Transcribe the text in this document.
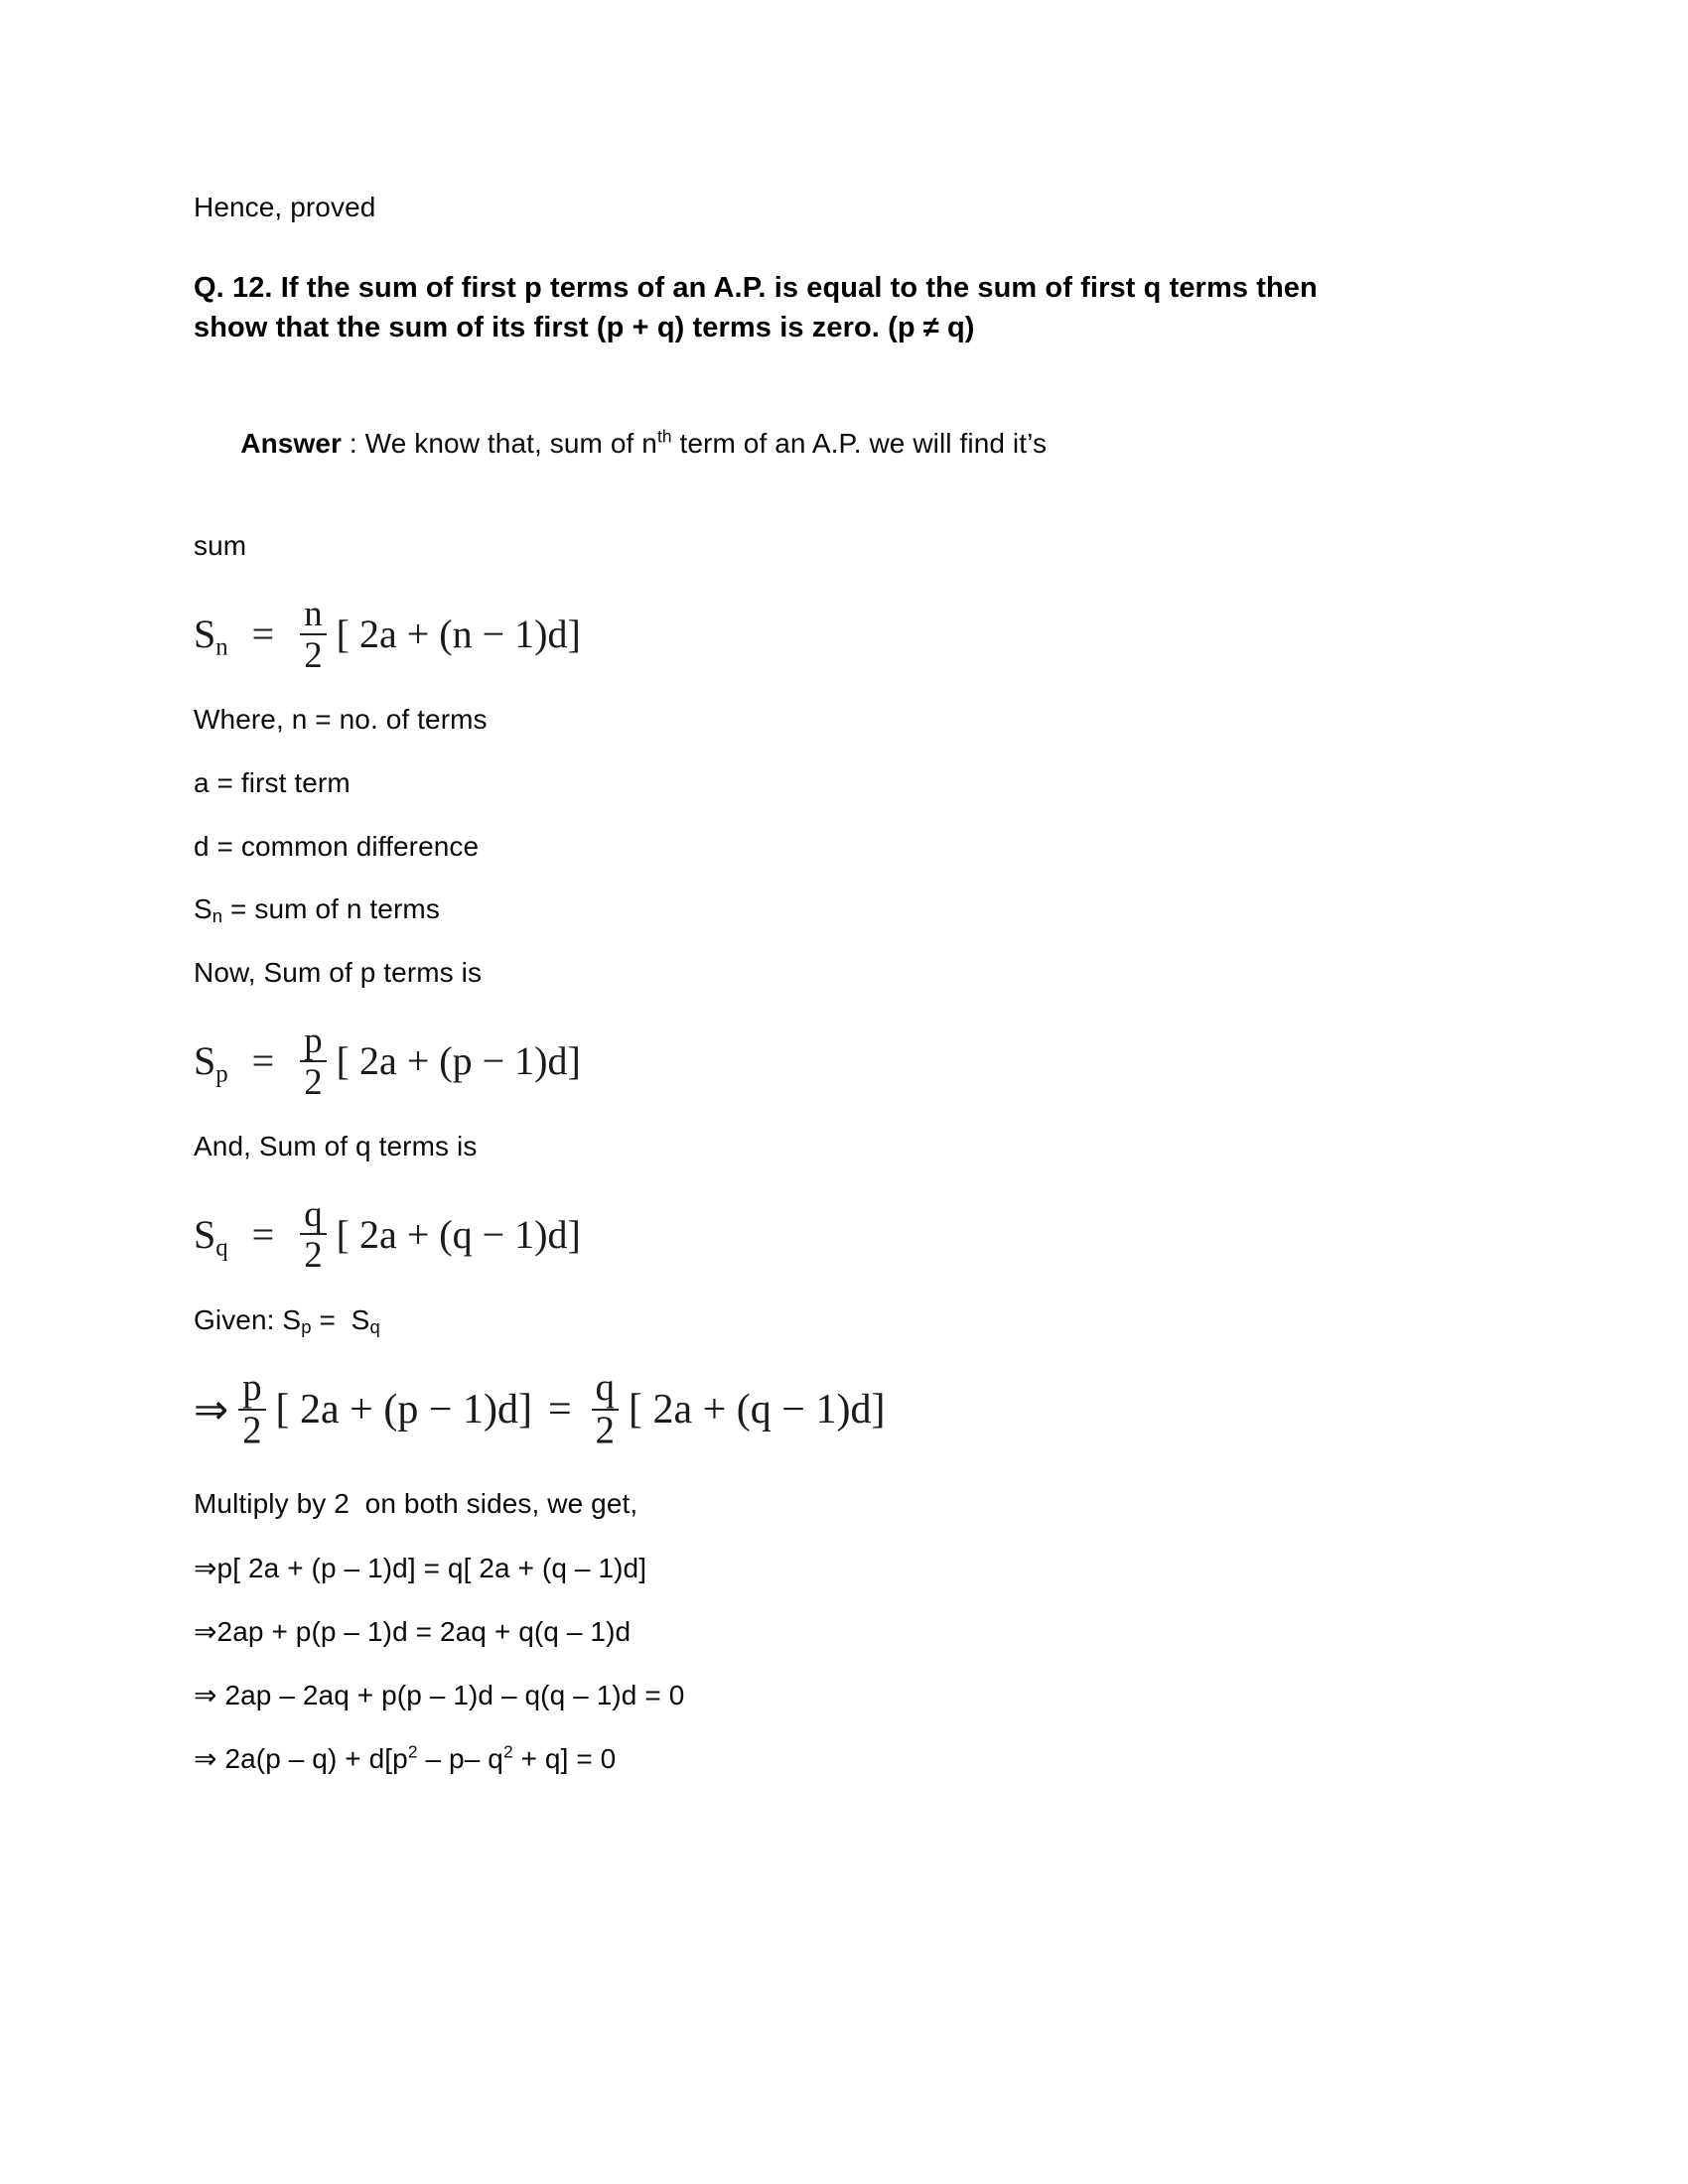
Hence, proved
Q. 12. If the sum of first p terms of an A.P. is equal to the sum of first q terms then
show that the sum of its first (p + q) terms is zero. (p ≠ q)

Answer : We know that, sum of $n^{th}$ term of an A.P. we will find it’s

sum
$Sn = \frac{n}{2}$ [ 2a + (n − 1)d]
Where, n = no. of terms
a = first term
d = common difference
$S_n$ = sum of n terms
Now, Sum of p terms is
$Sp = \frac{p}{2}$ [ 2a + (p − 1)d]
And, Sum of q terms is
$Sq = \frac{q}{2}$ [ 2a + (q − 1)d]
Given: $S_p = S_q$
⇒ $\frac{p}{2}$ [ $2a + (p - 1)d] = \frac{q}{2}$ [ 2a + (q − 1)d]
Multiply by 2  on both sides, we get,
⇒p[ 2a + (p – 1)d] = q[ 2a + (q – 1)d]
⇒2ap + p(p – 1)d = 2aq + q(q – 1)d
⇒ 2ap – 2aq + p(p – 1)d – q(q – 1)d = 0
⇒ $2a(p - q) + d[p^2 - p-$ $q^2 + q] = 0$
